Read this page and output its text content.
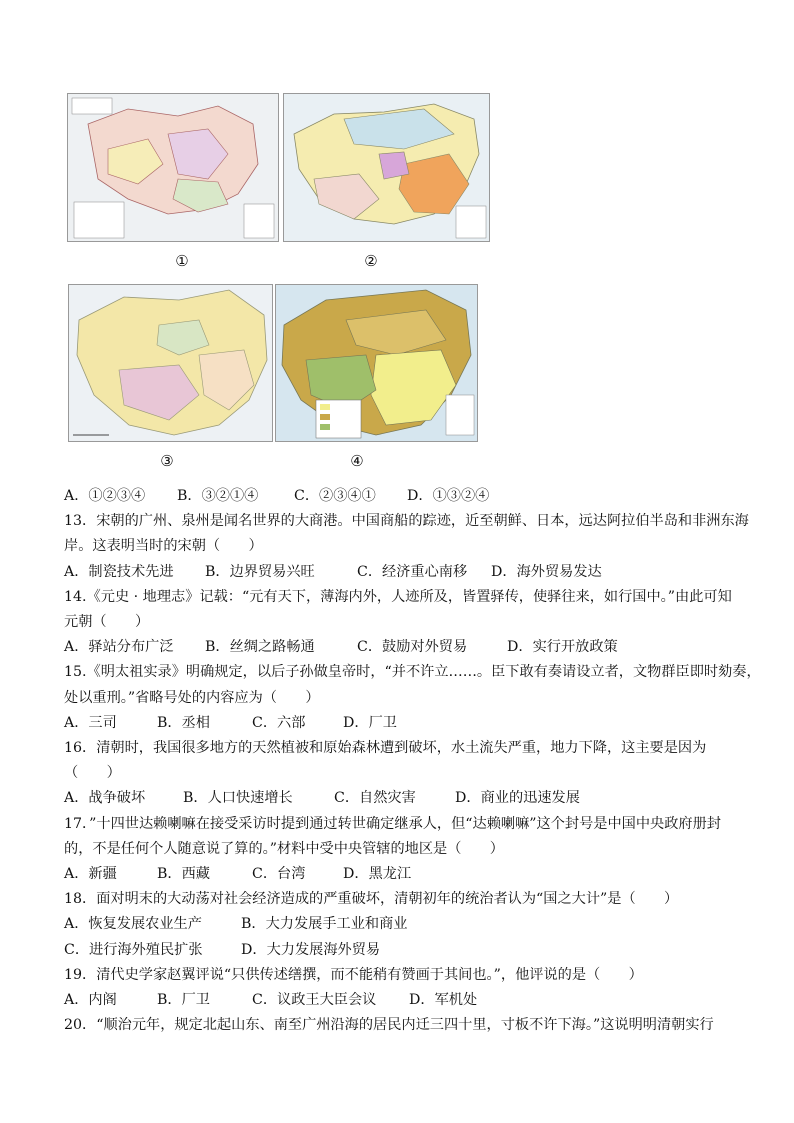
①	②
③	④

A．①②③④ B．③②①④	C．②③④① D．①③②④

13．宋朝的广州、泉州是闻名世界的大商港。中国商船的踪迹，近至朝鲜、日本，远达阿拉伯半岛和非洲东海

岸。这表明当时的宋朝（　　）

A．制瓷技术先进 B．边界贸易兴旺	C．经济重心南移 D．海外贸易发达

14.《元史 · 地理志》记载：“元有天下，薄海内外，人迹所及，皆置驿传，使驿往来，如行国中。”由此可知

元朝（　　）

A．驿站分布广泛 B．丝绸之路畅通	C．鼓励对外贸易	D．实行开放政策

15.《明太祖实录》明确规定，以后子孙做皇帝时，“并不许立……。臣下敢有奏请设立者，文物群臣即时劾奏，

处以重刑。”省略号处的内容应为（　　）

A．三司	B．丞相	C．六部	D．厂卫

16．清朝时，我国很多地方的天然植被和原始森林遭到破坏，水土流失严重，地力下降，这主要是因为

（　　）

A．战争破坏	B．人口快速增长	C．自然灾害	D．商业的迅速发展

17．”十四世达赖喇嘛在接受采访时提到通过转世确定继承人，但“达赖喇嘛”这个封号是中国中央政府册封

的，不是任何个人随意说了算的。”材料中受中央管辖的地区是（　　）

A．新疆	B．西藏	C．台湾	D．黑龙江

18．面对明末的大动荡对社会经济造成的严重破坏，清朝初年的统治者认为“国之大计”是（　　）

A．恢复发展农业生产	B．大力发展手工业和商业

C．进行海外殖民扩张	D．大力发展海外贸易

19．清代史学家赵翼评说“只供传述缮撰，而不能稍有赞画于其间也。”，他评说的是（　　）

A．内阁	B．厂卫	C．议政王大臣会议 D．军机处

20．“顺治元年，规定北起山东、南至广州沿海的居民内迁三四十里，寸板不许下海。”这说明明清朝实行
